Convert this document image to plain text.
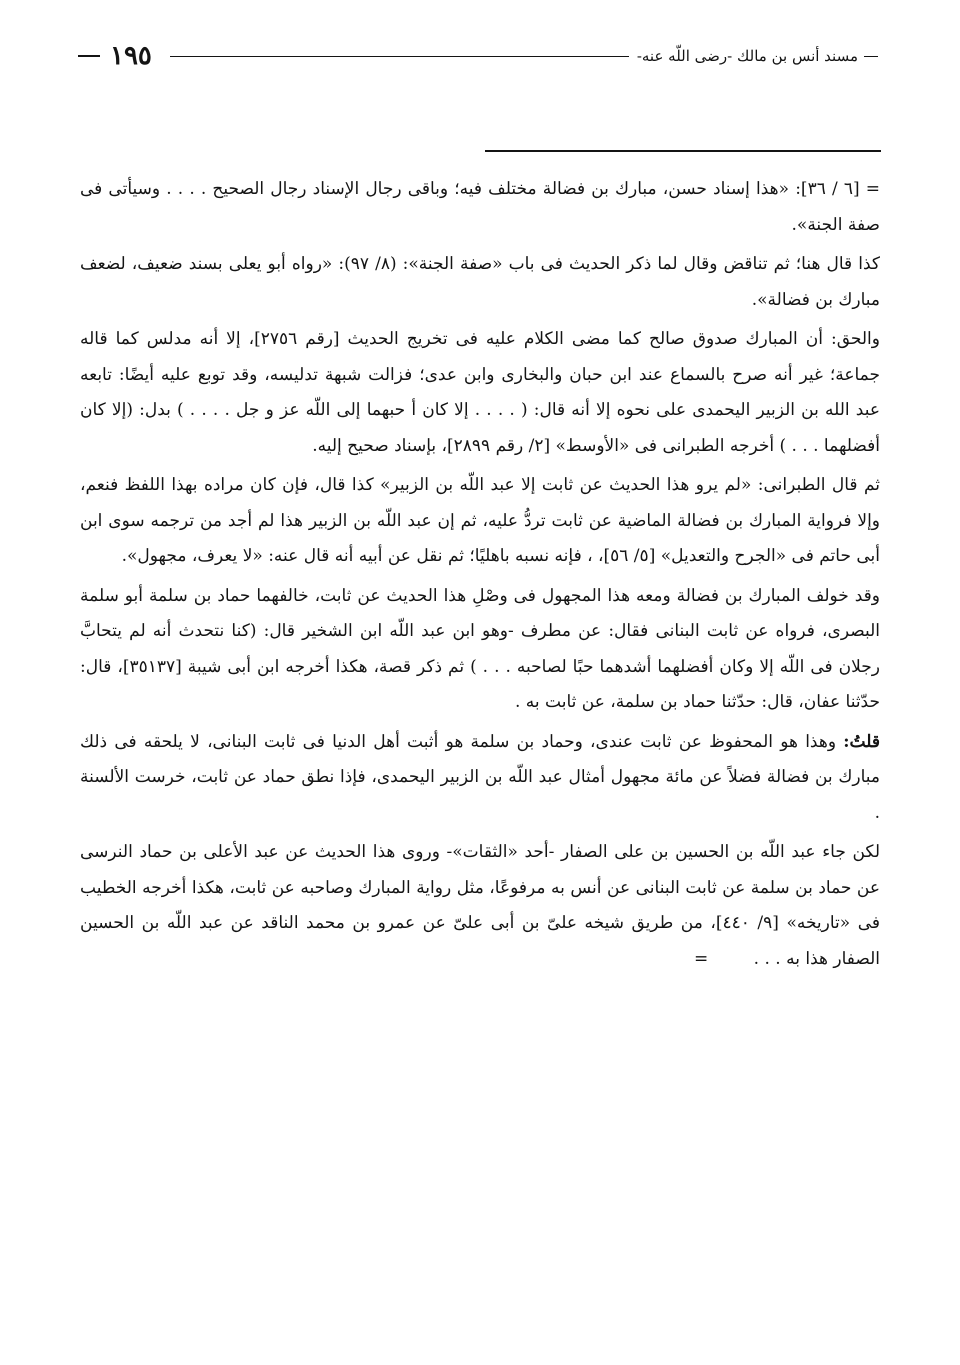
١٩٥	مسند أنس بن مالك -رضى اللّه عنه-

= [٦ / ٣٦]: «هذا إسناد حسن، مبارك بن فضالة مختلف فيه؛ وباقى رجال الإسناد رجال الصحيح . . . . وسيأتى فى صفة الجنة».

كذا قال هنا؛ ثم تناقض وقال لما ذكر الحديث فى باب «صفة الجنة»: (٨/ ٩٧): «رواه أبو يعلى بسند ضعيف، لضعف مبارك بن فضالة».

والحق: أن المبارك صدوق صالح كما مضى الكلام عليه فى تخريج الحديث [رقم ٢٧٥٦]، إلا أنه مدلس كما قاله جماعة؛ غير أنه صرح بالسماع عند ابن حبان والبخارى وابن عدى؛ فزالت شبهة تدليسه، وقد توبع عليه أيضًا: تابعه عبد الله بن الزبير اليحمدى على نحوه إلا أنه قال: ( . . . . إلا كان أ حبهما إلى اللّه عز و جل . . . . ) بدل: (إلا كان أفضلهما . . . ) أخرجه الطبرانى فى «الأوسط» [٢/ رقم ٢٨٩٩]، بإسناد صحيح إليه.

ثم قال الطبرانى: «لم يرو هذا الحديث عن ثابت إلا عبد اللّه بن الزبير» كذا قال، فإن كان مراده بهذا اللفظ فنعم، وإلا فرواية المبارك بن فضالة الماضية عن ثابت تردُّ عليه، ثم إن عبد اللّه بن الزبير هذا لم أجد من ترجمه سوى ابن أبى حاتم فى «الجرح والتعديل» [٥/ ٥٦]، ، فإنه نسبه باهليًا؛ ثم نقل عن أبيه أنه قال عنه: «لا يعرف، مجهول».

وقد خولف المبارك بن فضالة ومعه هذا المجهول فى وصْلِ هذا الحديث عن ثابت، خالفهما حماد بن سلمة أبو سلمة البصرى، فرواه عن ثابت البنانى فقال: عن مطرف -وهو ابن عبد اللّه ابن الشخير قال: (كنا نتحدث أنه لم يتحابَّ رجلان فى اللّه إلا وكان أفضلهما أشدهما حبًا لصاحبه . . . ) ثم ذكر قصة، هكذا أخرجه ابن أبى شيبة [٣٥١٣٧]، قال: حدّثنا عفان، قال: حدّثنا حماد بن سلمة، عن ثابت به .

قلتُ: وهذا هو المحفوظ عن ثابت عندى، وحماد بن سلمة هو أثبت أهل الدنيا فى ثابت البنانى، لا يلحقه فى ذلك مبارك بن فضالة فضلاً عن مائة مجهول أمثال عبد اللّه بن الزبير اليحمدى، فإذا نطق حماد عن ثابت، خرست الألسنة .

لكن جاء عبد اللّه بن الحسين بن على الصفار -أحد «الثقات»- وروى هذا الحديث عن عبد الأعلى بن حماد النرسى عن حماد بن سلمة عن ثابت البنانى عن أنس به مرفوعًا، مثل رواية المبارك وصاحبه عن ثابت، هكذا أخرجه الخطيب فى «تاريخه» [٩/ ٤٤٠]، من طريق شيخه علىّ بن أبى علىّ عن عمرو بن محمد الناقد عن عبد اللّه بن الحسين الصفار هذا به . . . =
